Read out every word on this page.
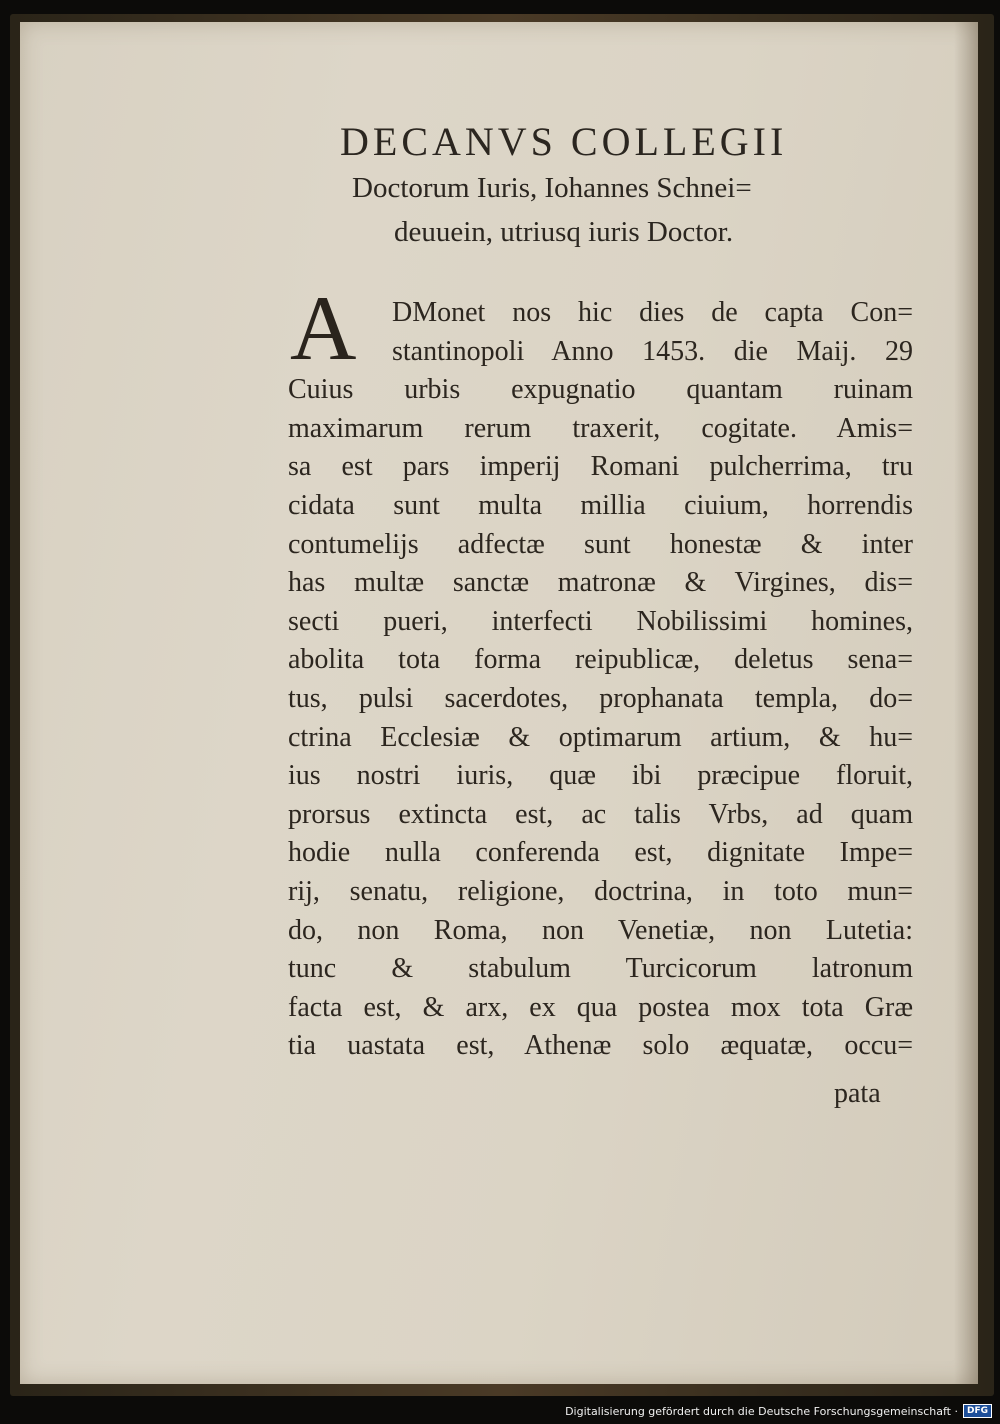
DECANVS COLLEGII
Doctorum Iuris, Iohannes Schnei=
deuuein, utriusq iuris Doctor.
A	DMonet nos hic dies de capta Con=
stantinopoli Anno 1453. die Maij. 29
Cuius urbis expugnatio quantam ruinam
maximarum rerum traxerit, cogitate. Amis=
sa est pars imperij Romani pulcherrima, tru
cidata sunt multa millia ciuium, horrendis
contumelijs adfectæ sunt honestæ & inter
has multæ sanctæ matronæ & Virgines, dis=
secti pueri, interfecti Nobilissimi homines,
abolita tota forma reipublicæ, deletus sena=
tus, pulsi sacerdotes, prophanata templa, do=
ctrina Ecclesiæ & optimarum artium, & hu=
ius nostri iuris, quæ ibi præcipue floruit,
prorsus extincta est, ac talis Vrbs, ad quam
hodie nulla conferenda est, dignitate Impe=
rij, senatu, religione, doctrina, in toto mun=
do, non Roma, non Venetiæ, non Lutetia:
tunc & stabulum Turcicorum latronum
facta est, & arx, ex qua postea mox tota Græ
tia uastata est, Athenæ solo æquatæ, occu=
pata
Digitalisierung gefördert durch die Deutsche Forschungsgemeinschaft ·	DFG
